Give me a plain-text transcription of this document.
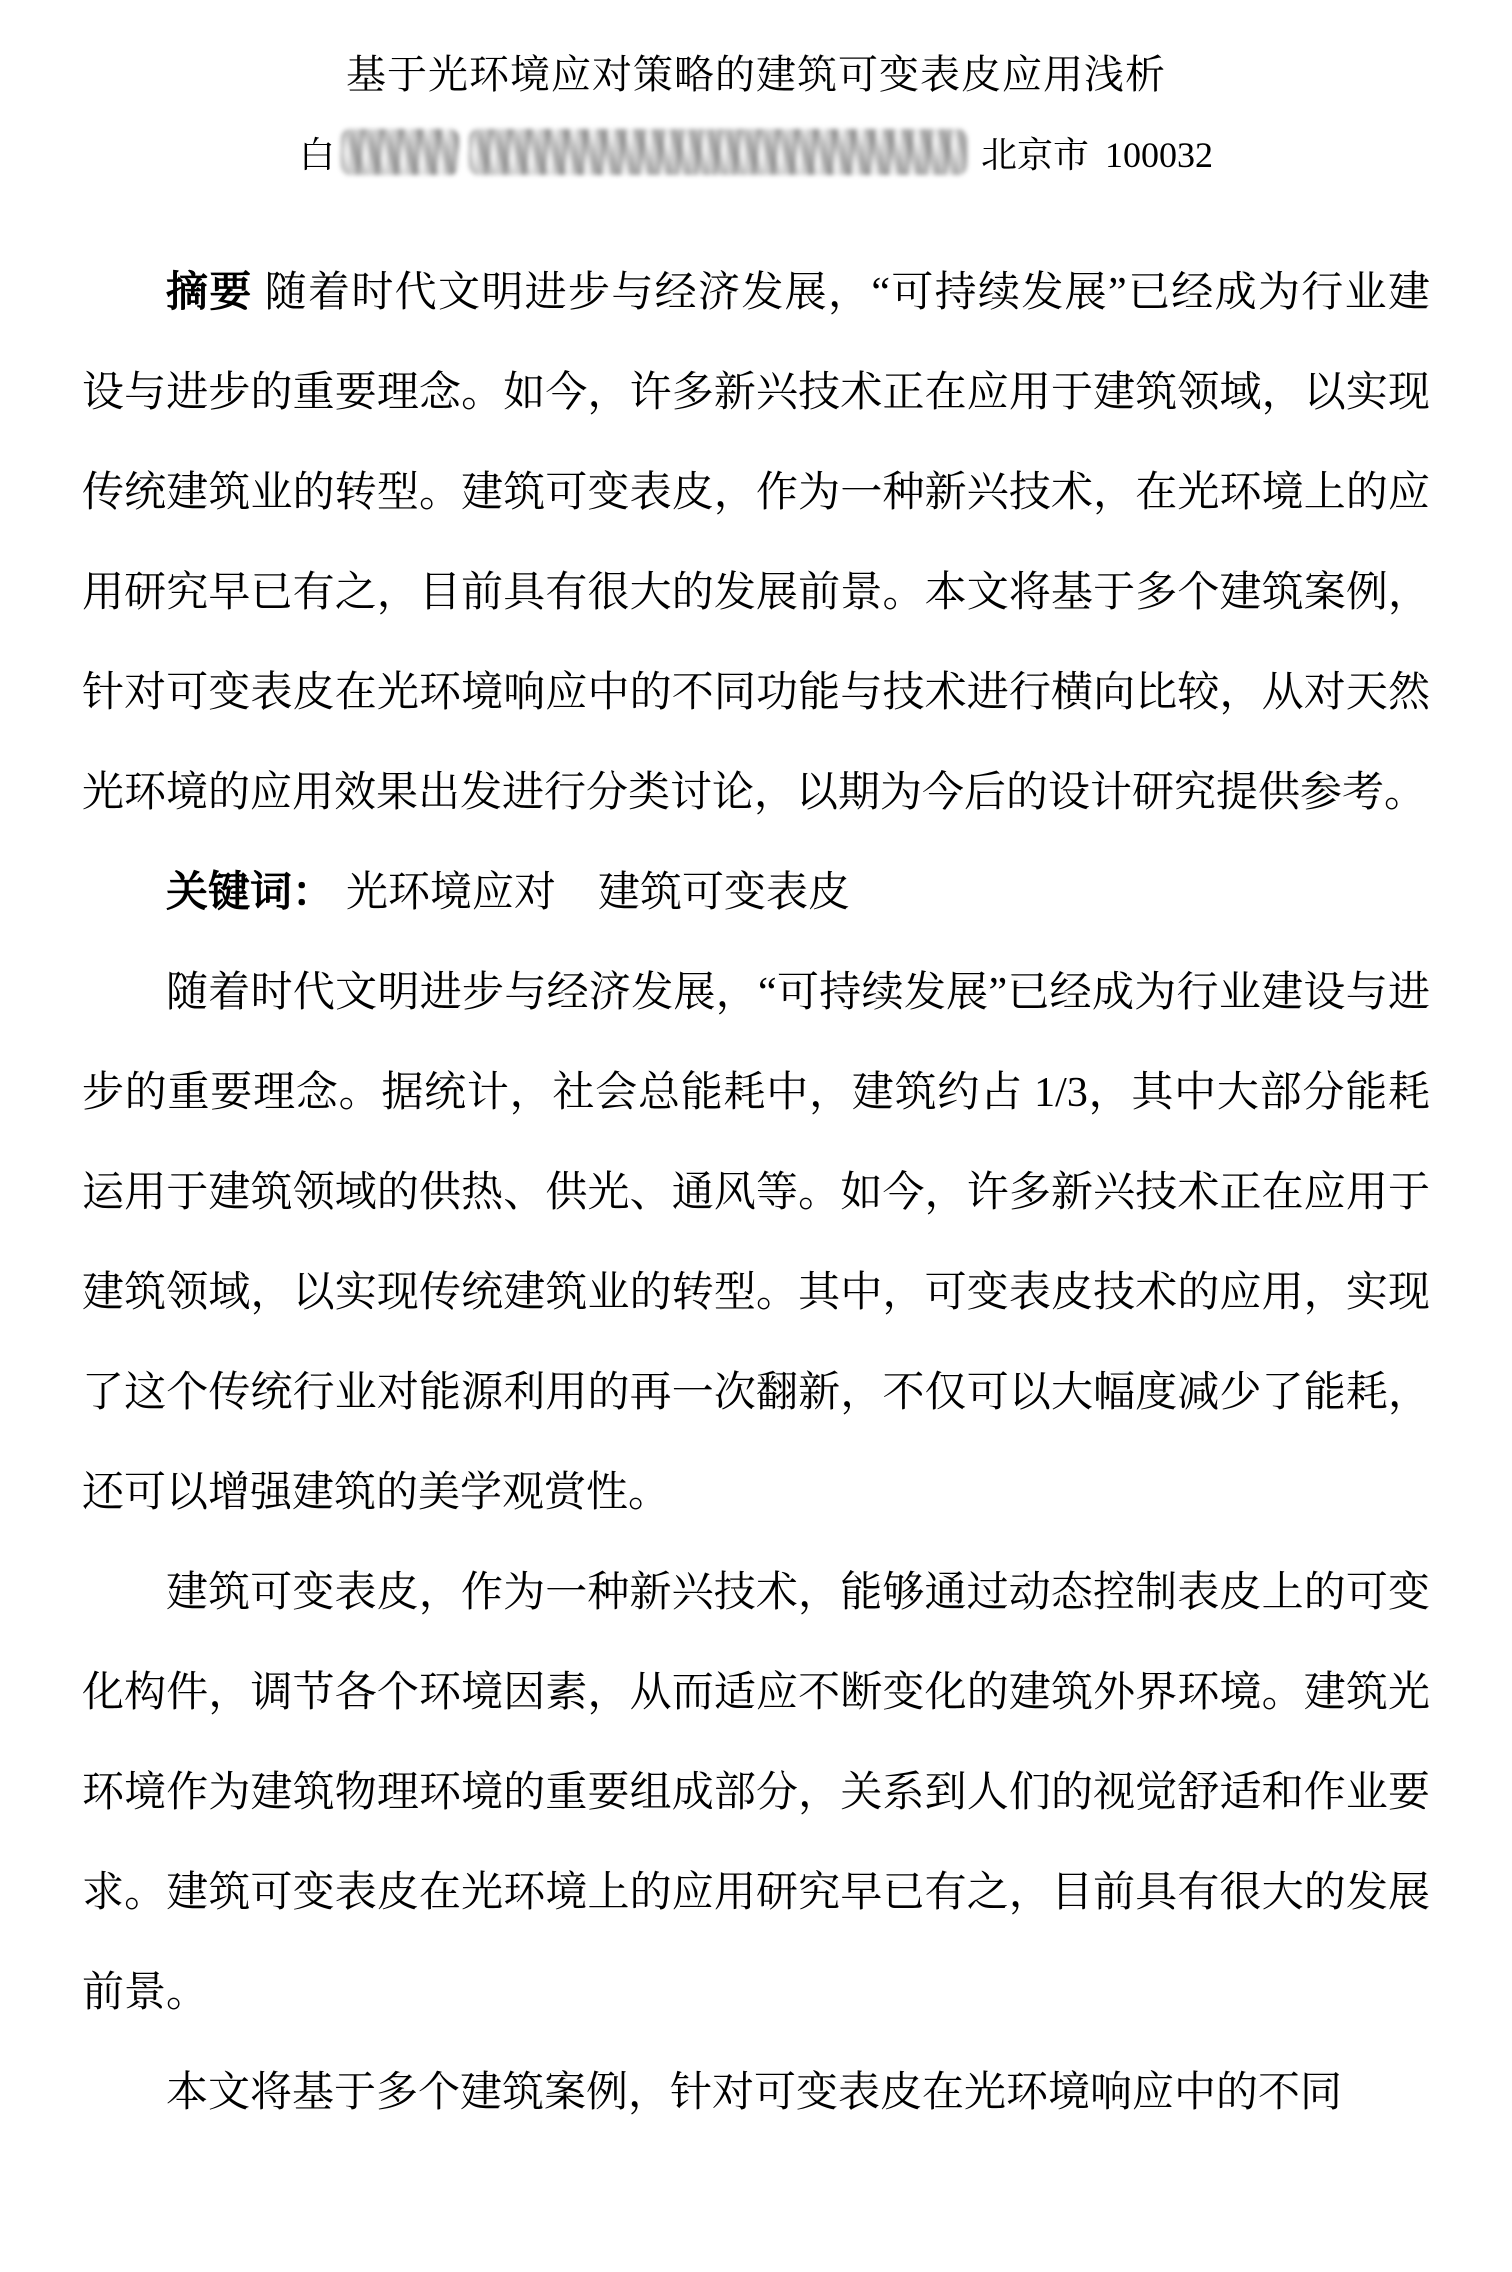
基于光环境应对策略的建筑可变表皮应用浅析
白	北京市 100032

摘要 随着时代文明进步与经济发展，“可持续发展”已经成为行业建设与进步的重要理念。如今，许多新兴技术正在应用于建筑领域，以实现传统建筑业的转型。建筑可变表皮，作为一种新兴技术，在光环境上的应用研究早已有之，目前具有很大的发展前景。本文将基于多个建筑案例，针对可变表皮在光环境响应中的不同功能与技术进行横向比较，从对天然光环境的应用效果出发进行分类讨论，以期为今后的设计研究提供参考。

关键词： 光环境应对　建筑可变表皮

随着时代文明进步与经济发展，“可持续发展”已经成为行业建设与进步的重要理念。据统计，社会总能耗中，建筑约占 1/3，其中大部分能耗运用于建筑领域的供热、供光、通风等。如今，许多新兴技术正在应用于建筑领域，以实现传统建筑业的转型。其中，可变表皮技术的应用，实现了这个传统行业对能源利用的再一次翻新，不仅可以大幅度减少了能耗，还可以增强建筑的美学观赏性。

建筑可变表皮，作为一种新兴技术，能够通过动态控制表皮上的可变化构件，调节各个环境因素，从而适应不断变化的建筑外界环境。建筑光环境作为建筑物理环境的重要组成部分，关系到人们的视觉舒适和作业要求。建筑可变表皮在光环境上的应用研究早已有之，目前具有很大的发展前景。

本文将基于多个建筑案例，针对可变表皮在光环境响应中的不同
